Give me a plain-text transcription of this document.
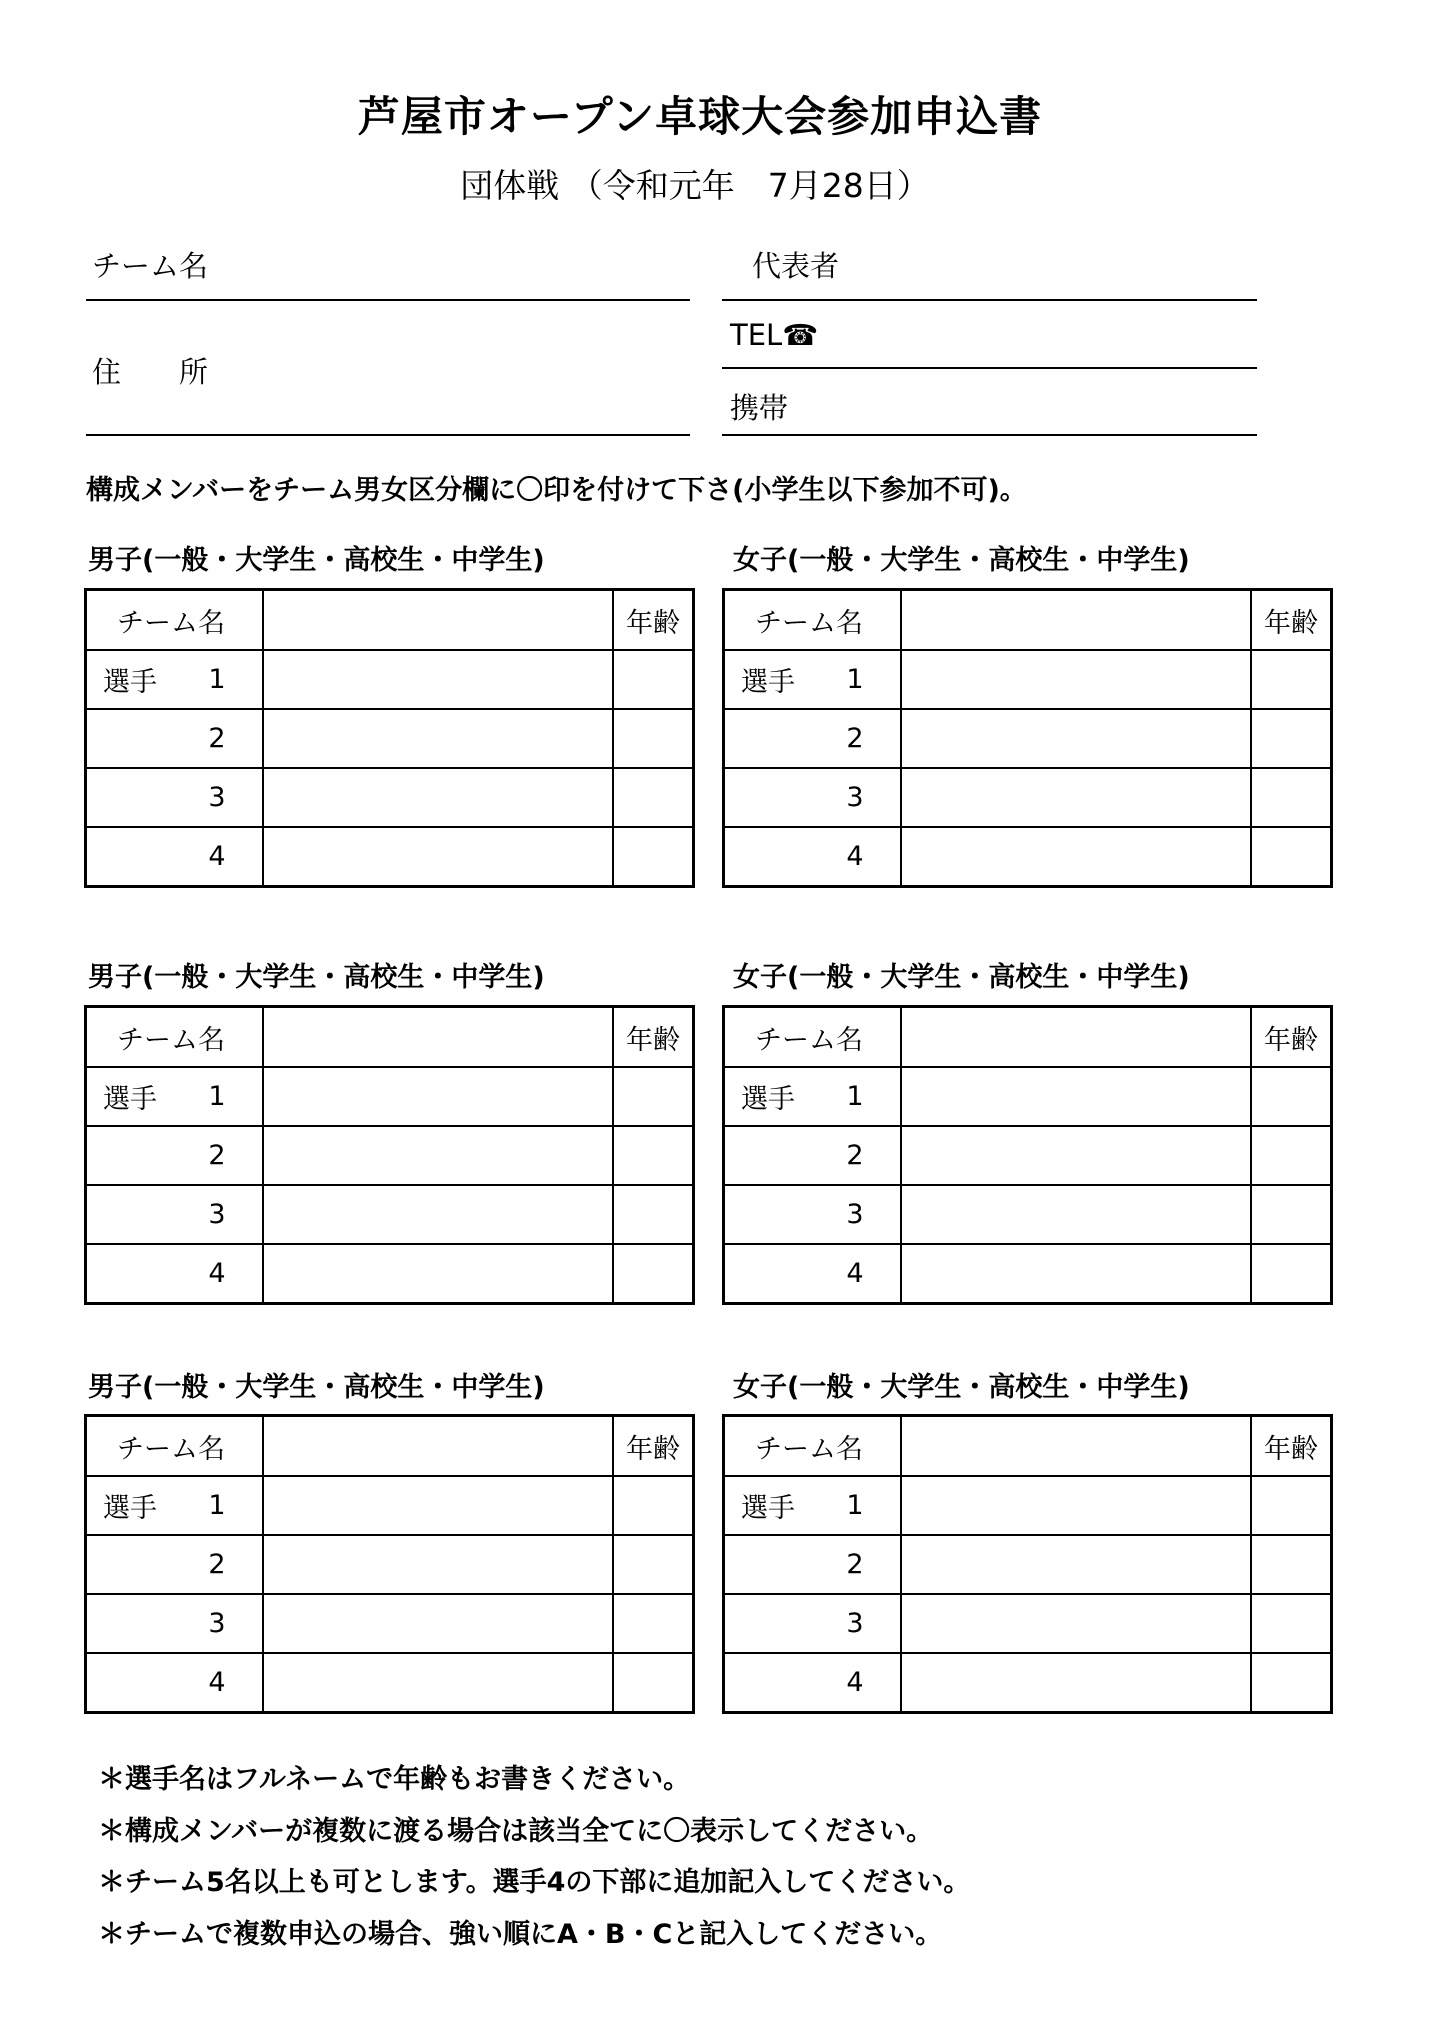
芦屋市オープン卓球大会参加申込書
団体戦 （令和元年　7月28日）
チーム名
住　　所
代表者
TEL☎
携帯
構成メンバーをチーム男女区分欄に〇印を付けて下さ(小学生以下参加不可)。
男子(一般・大学生・高校生・中学生)
チーム名		年齢

選手 1		

2		

3		

4		

女子(一般・大学生・高校生・中学生)
チーム名		年齢

選手 1		

2		

3		

4		

男子(一般・大学生・高校生・中学生)
チーム名		年齢

選手 1		

2		

3		

4		

女子(一般・大学生・高校生・中学生)
チーム名		年齢

選手 1		

2		

3		

4		

男子(一般・大学生・高校生・中学生)
チーム名		年齢

選手 1		

2		

3		

4		

女子(一般・大学生・高校生・中学生)
チーム名		年齢

選手 1		

2		

3		

4		

＊選手名はフルネームで年齢もお書きください。
＊構成メンバーが複数に渡る場合は該当全てに〇表示してください。
＊チーム5名以上も可とします。選手4の下部に追加記入してください。
＊チームで複数申込の場合、強い順にA・B・Cと記入してください。
